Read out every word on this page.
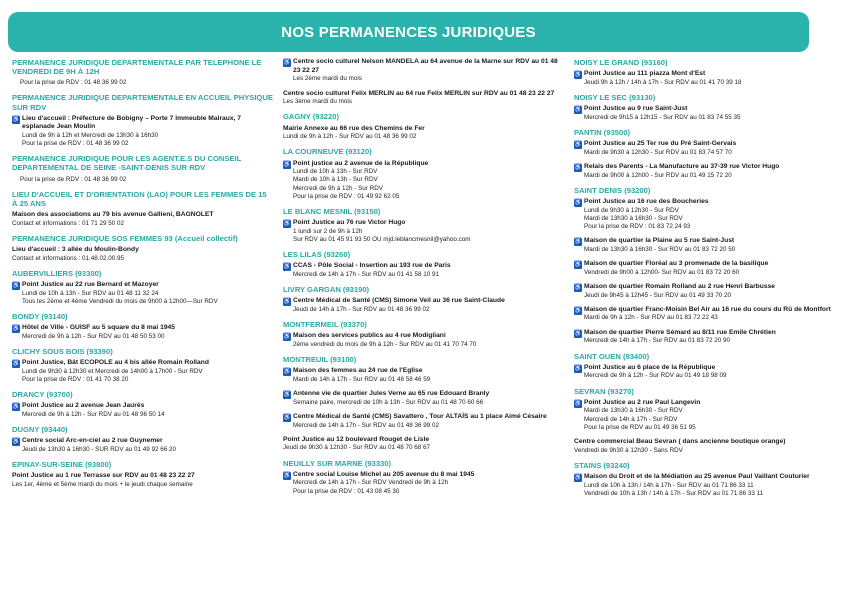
NOS PERMANENCES JURIDIQUES
PERMANENCE JURIDIQUE DEPARTEMENTALE PAR TELEPHONE LE VENDREDI DE 9H À 12H
Pour la prise de RDV : 01 48 36 99 02
PERMANENCE JURIDIQUE DEPARTEMENTALE EN ACCUEIL PHYSIQUE SUR RDV
♿ Lieu d'accueil : Préfecture de Bobigny – Porte 7 Immeuble Malraux, 7 esplanade Jean Moulin
Lundi de 9h à 12h et Mercredi de 13h30 à 16h30
Pour la prise de RDV : 01 48 36 99 02
PERMANENCE JURIDIQUE POUR LES AGENT.E.S DU CONSEIL DEPARTEMENTAL DE SEINE -SAINT-DENIS SUR RDV
Pour la prise de RDV : 01 48 36 99 02
LIEU D'ACCUEIL ET D'ORIENTATION (LAO) POUR LES FEMMES DE 15 À 25 ANS
Maison des associations au 79 bis avenue Gallieni, BAGNOLET
Contact et informations : 01 71 29 50 02
PERMANENCE JURIDIQUE SOS FEMMES 93 (Accueil collectif)
Lieu d'accueil : 3 allée du Moulin-Bondy
Contact et informations : 01.48.02.00.95
AUBERVILLIERS (93300)
♿ Point Justice au 22 rue Bernard et Mazoyer
Lundi de 10h à 13h - Sur RDV au 01 48 11 32 24
Tous les 2ème et 4ème Vendredi du mois de 9h00 à 12h00—Sur RDV
BONDY (93140)
♿ Hôtel de Ville - GUISF au 5 square du 8 mai 1945
Mercredi de 9h à 12h - Sur RDV au 01 48 50 53 00
CLICHY SOUS BOIS (93390)
♿ Point Justice, Bât ECOPOLE au 4 bis allée Romain Rolland
Lundi de 9h30 à 12h30 et Mercredi de 14h00 à 17h00 - Sur RDV
Pour la prise de RDV : 01 41 70 38 20
DRANCY (93700)
♿ Point Justice au 2 avenue Jean Jaurès
Mercredi de 9h à 12h - Sur RDV au 01 48 96 50 14
DUGNY (93440)
♿ Centre social Arc-en-ciel au 2 rue Guynemer
Jeudi de 13h30 à 16h30 - SUR RDV au 01 49 92 66 20
EPINAY-SUR-SEINE (93800)
Point Justice au 1 rue Terrasse sur RDV au 01 48 23 22 27
Les 1er, 4ème et 5ème mardi du mois + le jeudi chaque semaine
♿ Centre socio culturel Nelson MANDELA au 64 avenue de la Marne sur RDV au 01 48 23 22 27
Les 2ème mardi du mois
Centre socio culturel Felix MERLIN au 64 rue Felix MERLIN sur RDV au 01 48 23 22 27
Les 3ème mardi du mois
GAGNY (93220)
Mairie Annexe au 66 rue des Chemins de Fer
Lundi de 9h à 12h - Sur RDV au 01 48 36 99 02
LA COURNEUVE (93120)
♿ Point justice au 2 avenue de la République
Lundi de 10h à 13h - Sur RDV
Mardi de 10h à 13h - Sur RDV
Mercredi de 9h à 12h - Sur RDV
Pour la prise de RDV : 01 49 92 62 05
LE BLANC MESNIL (93150)
♿ Point Justice au 76 rue Victor Hugo
1 lundi sur 2 de 9h à 12h
Sur RDV au 01 45 91 93 50 OU mjd.leblancmesnil@yahoo.com
LES LILAS (93260)
♿ CCAS - Pôle Social - Insertion au 193 rue de Paris
Mercredi de 14h à 17h - Sur RDV au 01 41 58 10 91
LIVRY GARGAN (93190)
♿ Centre Médical de Santé (CMS) Simone Veil au 36 rue Saint-Claude
Jeudi de 14h à 17h - Sur RDV au 01 48 36 99 02
MONTFERMEIL (93370)
♿ Maison des services publics au 4 rue Modigliani
2ème vendredi du mois de 9h à 12h - Sur RDV au 01 41 70 74 70
MONTREUIL (93100)
♿ Maison des femmes au 24 rue de l'Eglise
Mardi de 14h à 17h - Sur RDV au 01 48 58 46 59
♿ Antenne vie de quartier Jules Verne au 65 rue Edouard Branly
Semaine paire, mercredi de 10h à 13h - Sur RDV au 01 48 70 60 66
♿ Centre Médical de Santé (CMS) Savattero , Tour ALTAÏS au 1 place Aimé Césaire
Mercredi de 14h à 17h - Sur RDV au 01 48 36 99 02
Point Justice au 12 boulevard Rouget de Lisle
Jeudi de 9h30 à 12h30 - Sur RDV au 01 48 70 68 67
NEUILLY SUR MARNE (93330)
♿ Centre social Louise Michel au 205 avenue du 8 mai 1945
Mercredi de 14h à 17h - Sur RDV Vendredi de 9h à 12h
Pour la prise de RDV : 01 43 08 45 30
NOISY LE GRAND (93160)
♿ Point Justice au 111 piazza Mont d'Est
Jeudi 9h à 12h / 14h à 17h - Sur RDV au 01 41 70 39 18
NOISY LE SEC (93130)
♿ Point Justice au 9 rue Saint-Just
Mercredi de 9h15 à 12h15 - Sur RDV au 01 83 74 55 35
PANTIN (93500)
♿ Point Justice au 25 Ter rue du Pré Saint-Gervais
Mardi de 9h30 à 12h30 - Sur RDV au 01 83 74 57 70
♿ Relais des Parents - La Manufacture au 37-39 rue Victor Hugo
Mardi de 9h00 à 12h00 - Sur RDV au 01 49 15 72 20
SAINT DENIS (93200)
♿ Point Justice au 16 rue des Boucheries
Lundi de 9h30 à 12h30 - Sur RDV
Mardi de 13h30 à 16h30 - Sur RDV
Pour la prise de RDV : 01 83 72 24 93
♿ Maison de quartier la Plaine au 5 rue Saint-Just
Mardi de 13h30 à 16h30 - Sur RDV au 01 83 72 20 50
♿ Maison de quartier Floréal au 3 promenade de la basilique
Vendredi de 9h00 à 12h00- Sur RDV au 01 83 72 20 60
♿ Maison de quartier Romain Rolland au 2 rue Henri Barbusse
Jeudi de 9h45 à 12h45 - Sur RDV au 01 49 33 70 20
♿ Maison de quartier Franc-Moisin Bel Air au 16 rue du cours du Rû de Montfort
Mardi de 9h à 12h - Sur RDV au 01 83 72 22 43
♿ Maison de quartier Pierre Sémard au 8/11 rue Emile Chrétien
Mercredi de 14h à 17h - Sur RDV au 01 83 72 20 90
SAINT OUEN (93400)
♿ Point Justice au 6 place de la République
Mercredi de 9h à 12h - Sur RDV au 01 49 18 98 09
SEVRAN (93270)
♿ Point Justice au 2 rue Paul Langevin
Mardi de 13h30 à 16h30 - Sur RDV
Mercredi de 14h à 17h - Sur RDV
Pour la prise de RDV au 01 49 36 51 95
Centre commercial Beau Sevran ( dans ancienne boutique orange)
Vendredi de 9h30 à 12h30 - Sans RDV
STAINS (93240)
♿ Maison du Droit et de la Médiation au 25 avenue Paul Vaillant Couturier
Lundi de 10h à 13h / 14h à 17h - Sur RDV au 01 71 86 33 11
Vendredi de 10h à 13h / 14h à 17h - Sur RDV au 01 71 86 33 11
